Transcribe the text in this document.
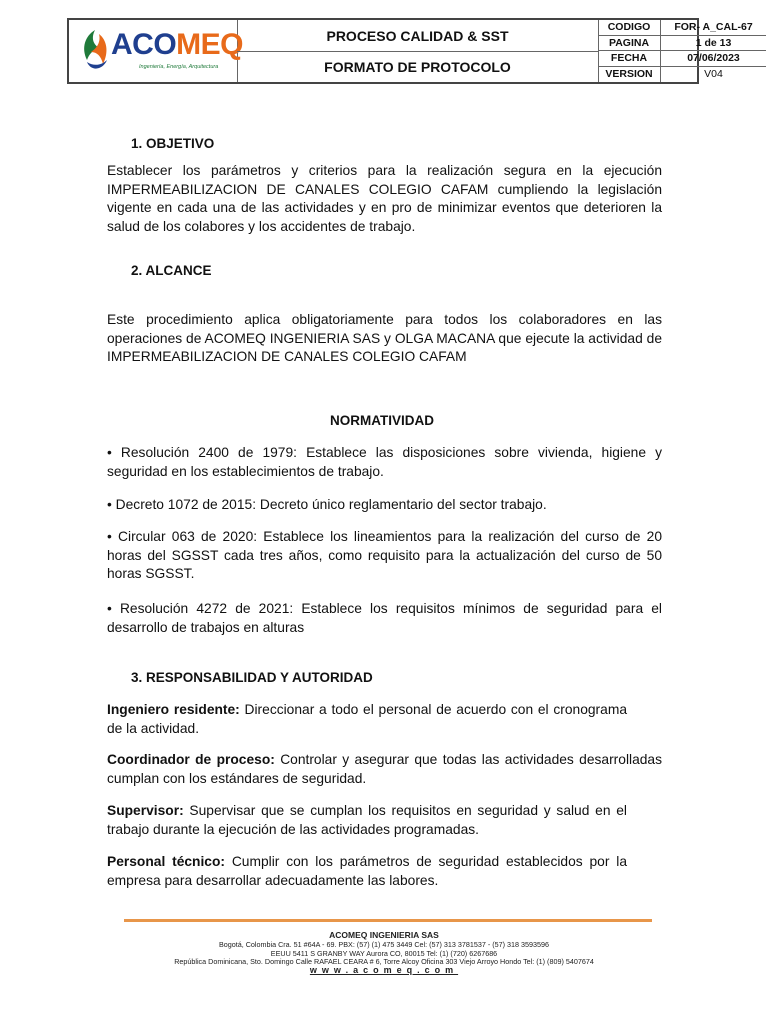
ACOMEQ
Ingeniería, Energía, Arquitectura
PROCESO CALIDAD & SST
FORMATO DE PROTOCOLO
CODIGO	FOR- A_CAL-67
PAGINA	1 de 13
FECHA	07/06/2023
VERSION	V04
1. OBJETIVO
Establecer los parámetros y criterios para la realización segura en la ejecución IMPERMEABILIZACION DE CANALES COLEGIO CAFAM cumpliendo la legislación vigente en cada una de las actividades y en pro de minimizar eventos que deterioren la salud de los colabores y los accidentes de trabajo.
2. ALCANCE
Este procedimiento aplica obligatoriamente para todos los colaboradores en las operaciones de ACOMEQ INGENIERIA SAS y OLGA MACANA que ejecute la actividad de IMPERMEABILIZACION DE CANALES COLEGIO CAFAM
NORMATIVIDAD
• Resolución 2400 de 1979: Establece las disposiciones sobre vivienda, higiene y seguridad en los establecimientos de trabajo.
• Decreto 1072 de 2015: Decreto único reglamentario del sector trabajo.
• Circular 063 de 2020: Establece los lineamientos para la realización del curso de 20 horas del SGSST cada tres años, como requisito para la actualización del curso de 50 horas SGSST.
• Resolución 4272 de 2021: Establece los requisitos mínimos de seguridad para el desarrollo de trabajos en alturas
3. RESPONSABILIDAD Y AUTORIDAD
Ingeniero residente: Direccionar a todo el personal de acuerdo con el cronograma de la actividad.
Coordinador de proceso: Controlar y asegurar que todas las actividades desarrolladas cumplan con los estándares de seguridad.
Supervisor: Supervisar que se cumplan los requisitos en seguridad y salud en el trabajo durante la ejecución de las actividades programadas.
Personal técnico: Cumplir con los parámetros de seguridad establecidos por la empresa para desarrollar adecuadamente las labores.
ACOMEQ INGENIERIA SAS
Bogotá, Colombia Cra. 51 #64A - 69. PBX: (57) (1) 475 3449 Cel: (57) 313 3781537 - (57) 318 3593596
EEUU 5411 S GRANBY WAY Aurora CO, 80015 Tel: (1) (720) 6267686
República Dominicana, Sto. Domingo Calle RAFAEL CEARA # 6, Torre Alcoy Oficina 303 Viejo Arroyo Hondo Tel: (1) (809) 5407674
www.acomeq.com
